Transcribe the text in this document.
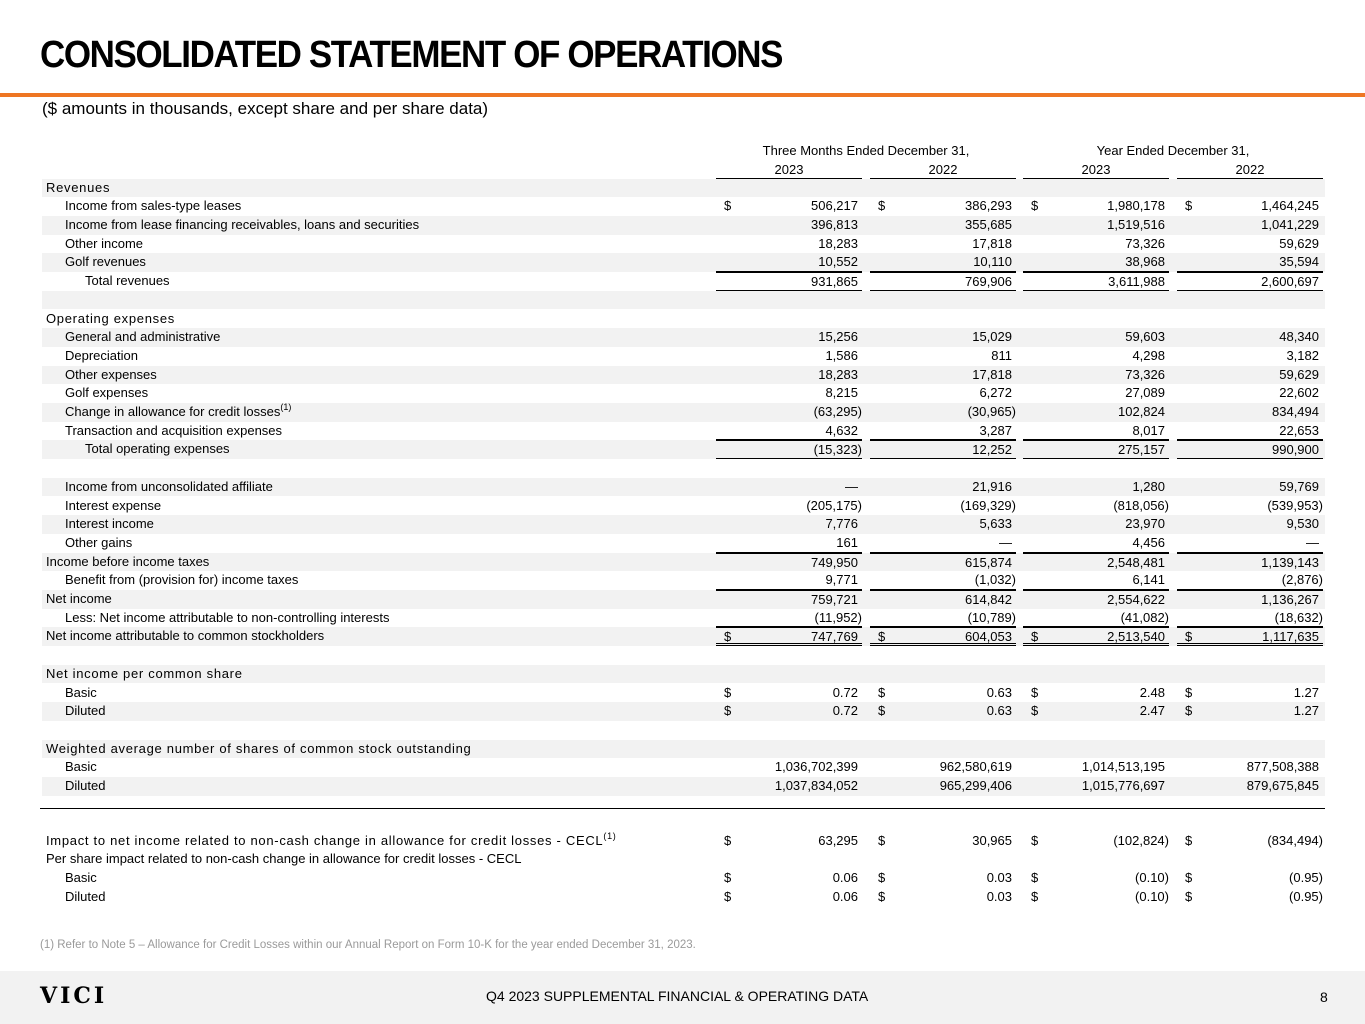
CONSOLIDATED STATEMENT OF OPERATIONS
($ amounts in thousands, except share and per share data)
Three Months Ended December 31,	Year Ended December 31,
2023	2022	2023	2022
Revenues
Income from sales-type leases	$	506,217 $	386,293 $	1,980,178 $	1,464,245
Income from lease financing receivables, loans and securities	396,813	355,685	1,519,516	1,041,229
Other income	18,283	17,818	73,326	59,629
Golf revenues	10,552	10,110	38,968	35,594
Total revenues	931,865	769,906	3,611,988	2,600,697
Operating expenses
General and administrative	15,256	15,029	59,603	48,340
Depreciation	1,586	811	4,298	3,182
Other expenses	18,283	17,818	73,326	59,629
Golf expenses	8,215	6,272	27,089	22,602
Change in allowance for credit losses$^{(1)}$	(63,295)	(30,965)	102,824	834,494
Transaction and acquisition expenses	4,632	3,287	8,017	22,653
Total operating expenses	(15,323)	12,252	275,157	990,900
Income from unconsolidated affiliate	—	21,916	1,280	59,769
Interest expense	(205,175)	(169,329)	(818,056)	(539,953)
Interest income	7,776	5,633	23,970	9,530
Other gains	161	—	4,456	—
Income before income taxes	749,950	615,874	2,548,481	1,139,143
Benefit from (provision for) income taxes	9,771	(1,032)	6,141	(2,876)
Net income	759,721	614,842	2,554,622	1,136,267
Less: Net income attributable to non-controlling interests	(11,952)	(10,789)	(41,082)	(18,632)
Net income attributable to common stockholders	$	747,769 $	604,053 $	2,513,540 $	1,117,635
Net income per common share
Basic	$	0.72 $	0.63 $	2.48 $	1.27
Diluted	$	0.72 $	0.63 $	2.47 $	1.27
Weighted average number of shares of common stock outstanding
Basic	1,036,702,399	962,580,619	1,014,513,195	877,508,388
Diluted	1,037,834,052	965,299,406	1,015,776,697	879,675,845
Impact to net income related to non-cash change in allowance for credit losses - CECL$^{(1)}$	$	63,295 $	30,965 $	(102,824) $	(834,494)
Per share impact related to non-cash change in allowance for credit losses - CECL
Basic	$	0.06 $	0.03 $	(0.10) $	(0.95)
Diluted	$	0.06 $	0.03 $	(0.10) $	(0.95)
(1) Refer to Note 5 – Allowance for Credit Losses within our Annual Report on Form 10-K for the year ended December 31, 2023.
VICI	Q4 2023 SUPPLEMENTAL FINANCIAL & OPERATING DATA	8
